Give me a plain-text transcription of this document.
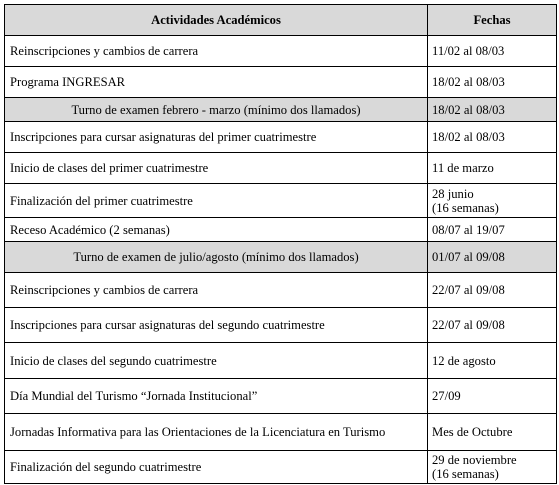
Actividades Académicos	Fechas
Reinscripciones y cambios de carrera	11/02 al 08/03
Programa INGRESAR	18/02 al 08/03
Turno de examen febrero - marzo (mínimo dos llamados)	18/02 al 08/03
Inscripciones para cursar asignaturas del primer cuatrimestre	18/02 al 08/03
Inicio de clases del primer cuatrimestre	11 de marzo
Finalización del primer cuatrimestre	28 junio
(16 semanas)
Receso Académico (2 semanas)	08/07 al 19/07
Turno de examen de julio/agosto (mínimo dos llamados)	01/07 al 09/08
Reinscripciones y cambios de carrera	22/07 al 09/08
Inscripciones para cursar asignaturas del segundo cuatrimestre	22/07 al 09/08
Inicio de clases del segundo cuatrimestre	12 de agosto
Día Mundial del Turismo “Jornada Institucional”	27/09
Jornadas Informativa para las Orientaciones de la Licenciatura en Turismo	Mes de Octubre
Finalización del segundo cuatrimestre	29 de noviembre
(16 semanas)
